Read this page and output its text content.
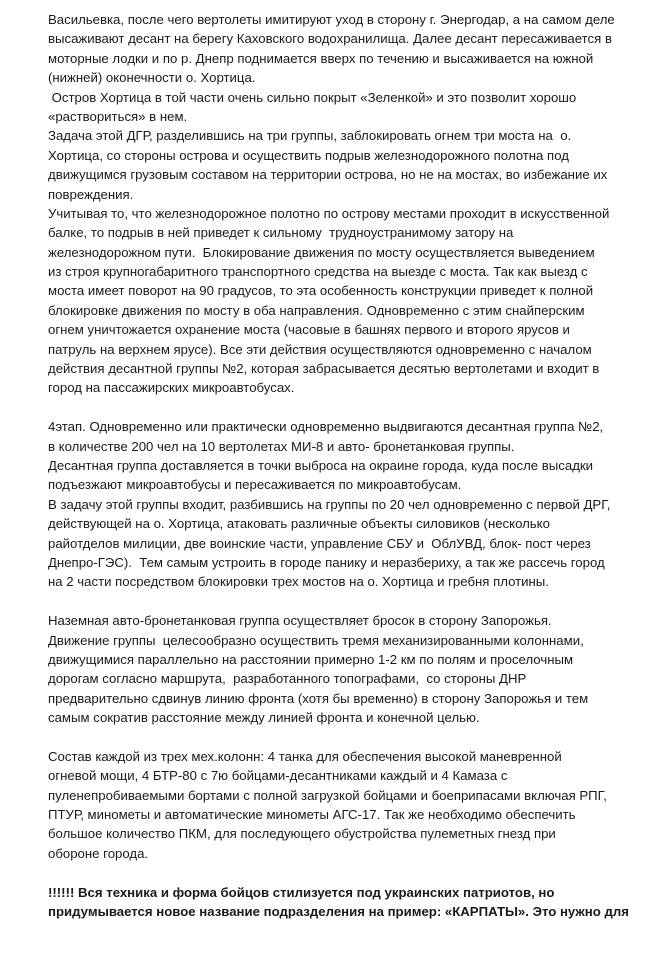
Васильевка, после чего вертолеты имитируют уход в сторону г. Энергодар, а на самом деле
высаживают десант на берегу Каховского водохранилища. Далее десант пересаживается в
моторные лодки и по р. Днепр поднимается вверх по течению и высаживается на южной
(нижней) оконечности о. Хортица.
Остров Хортица в той части очень сильно покрыт «Зеленкой» и это позволит хорошо
«раствориться» в нем.
Задача этой ДГР, разделившись на три группы, заблокировать огнем три моста на  о.
Хортица, со стороны острова и осуществить подрыв железнодорожного полотна под
движущимся грузовым составом на территории острова, но не на мостах, во избежание их
повреждения.
Учитывая то, что железнодорожное полотно по острову местами проходит в искусственной
балке, то подрыв в ней приведет к сильному  трудноустранимому затору на
железнодорожном пути.  Блокирование движения по мосту осуществляется выведением
из строя крупногабаритного транспортного средства на выезде с моста. Так как выезд с
моста имеет поворот на 90 градусов, то эта особенность конструкции приведет к полной
блокировке движения по мосту в оба направления. Одновременно с этим снайперским
огнем уничтожается охранение моста (часовые в башнях первого и второго ярусов и
патруль на верхнем ярусе). Все эти действия осуществляются одновременно с началом
действия десантной группы №2, которая забрасывается десятью вертолетами и входит в
город на пассажирских микроавтобусах.
4этап. Одновременно или практически одновременно выдвигаются десантная группа №2,
в количестве 200 чел на 10 вертолетах МИ-8 и авто- бронетанковая группы.
Десантная группа доставляется в точки выброса на окраине города, куда после высадки
подъезжают микроавтобусы и пересаживается по микроавтобусам.
В задачу этой группы входит, разбившись на группы по 20 чел одновременно с первой ДРГ,
действующей на о. Хортица, атаковать различные объекты силовиков (несколько
райотделов милиции, две воинские части, управление СБУ и  ОблУВД, блок- пост через
Днепро-ГЭС).  Тем самым устроить в городе панику и неразбериху, а так же рассечь город
на 2 части посредством блокировки трех мостов на о. Хортица и гребня плотины.
Наземная авто-бронетанковая группа осуществляет бросок в сторону Запорожья.
Движение группы  целесообразно осуществить тремя механизированными колоннами,
движущимися параллельно на расстоянии примерно 1-2 км по полям и проселочным
дорогам согласно маршрута,  разработанного топографами,  со стороны ДНР
предварительно сдвинув линию фронта (хотя бы временно) в сторону Запорожья и тем
самым сократив расстояние между линией фронта и конечной целью.
Состав каждой из трех мех.колонн: 4 танка для обеспечения высокой маневренной
огневой мощи, 4 БТР-80 с 7ю бойцами-десантниками каждый и 4 Камаза с
пуленепробиваемыми бортами с полной загрузкой бойцами и боеприпасами включая РПГ,
ПТУР, минометы и автоматические минометы АГС-17. Так же необходимо обеспечить
большое количество ПКМ, для последующего обустройства пулеметных гнезд при
обороне города.
!!!!!! Вся техника и форма бойцов стилизуется под украинских патриотов, но
придумывается новое название подразделения на пример: «КАРПАТЫ». Это нужно для
